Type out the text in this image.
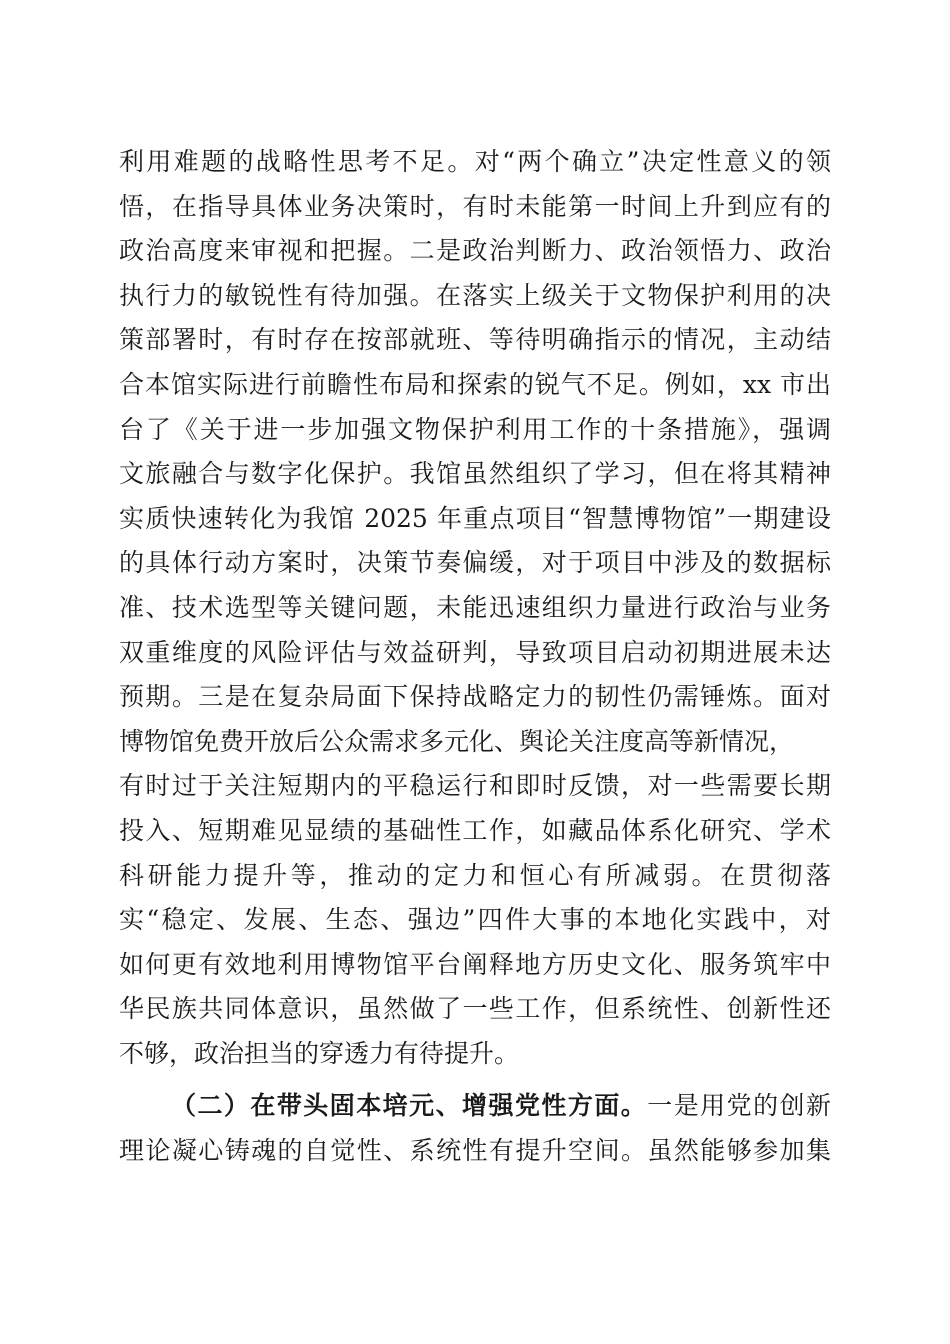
利用难题的战略性思考不足。对“两个确立”决定性意义的领
悟，在指导具体业务决策时，有时未能第一时间上升到应有的
政治高度来审视和把握。二是政治判断力、政治领悟力、政治
执行力的敏锐性有待加强。在落实上级关于文物保护利用的决
策部署时，有时存在按部就班、等待明确指示的情况，主动结
合本馆实际进行前瞻性布局和探索的锐气不足。例如，xx 市出
台了《关于进一步加强文物保护利用工作的十条措施》，强调
文旅融合与数字化保护。我馆虽然组织了学习，但在将其精神
实质快速转化为我馆 2025 年重点项目“智慧博物馆”一期建设
的具体行动方案时，决策节奏偏缓，对于项目中涉及的数据标
准、技术选型等关键问题，未能迅速组织力量进行政治与业务
双重维度的风险评估与效益研判，导致项目启动初期进展未达
预期。三是在复杂局面下保持战略定力的韧性仍需锤炼。面对
博物馆免费开放后公众需求多元化、舆论关注度高等新情况，
有时过于关注短期内的平稳运行和即时反馈，对一些需要长期
投入、短期难见显绩的基础性工作，如藏品体系化研究、学术
科研能力提升等，推动的定力和恒心有所减弱。在贯彻落
实“稳定、发展、生态、强边”四件大事的本地化实践中，对
如何更有效地利用博物馆平台阐释地方历史文化、服务筑牢中
华民族共同体意识，虽然做了一些工作，但系统性、创新性还
不够，政治担当的穿透力有待提升。
（二）在带头固本培元、增强党性方面。一是用党的创新
理论凝心铸魂的自觉性、系统性有提升空间。虽然能够参加集
